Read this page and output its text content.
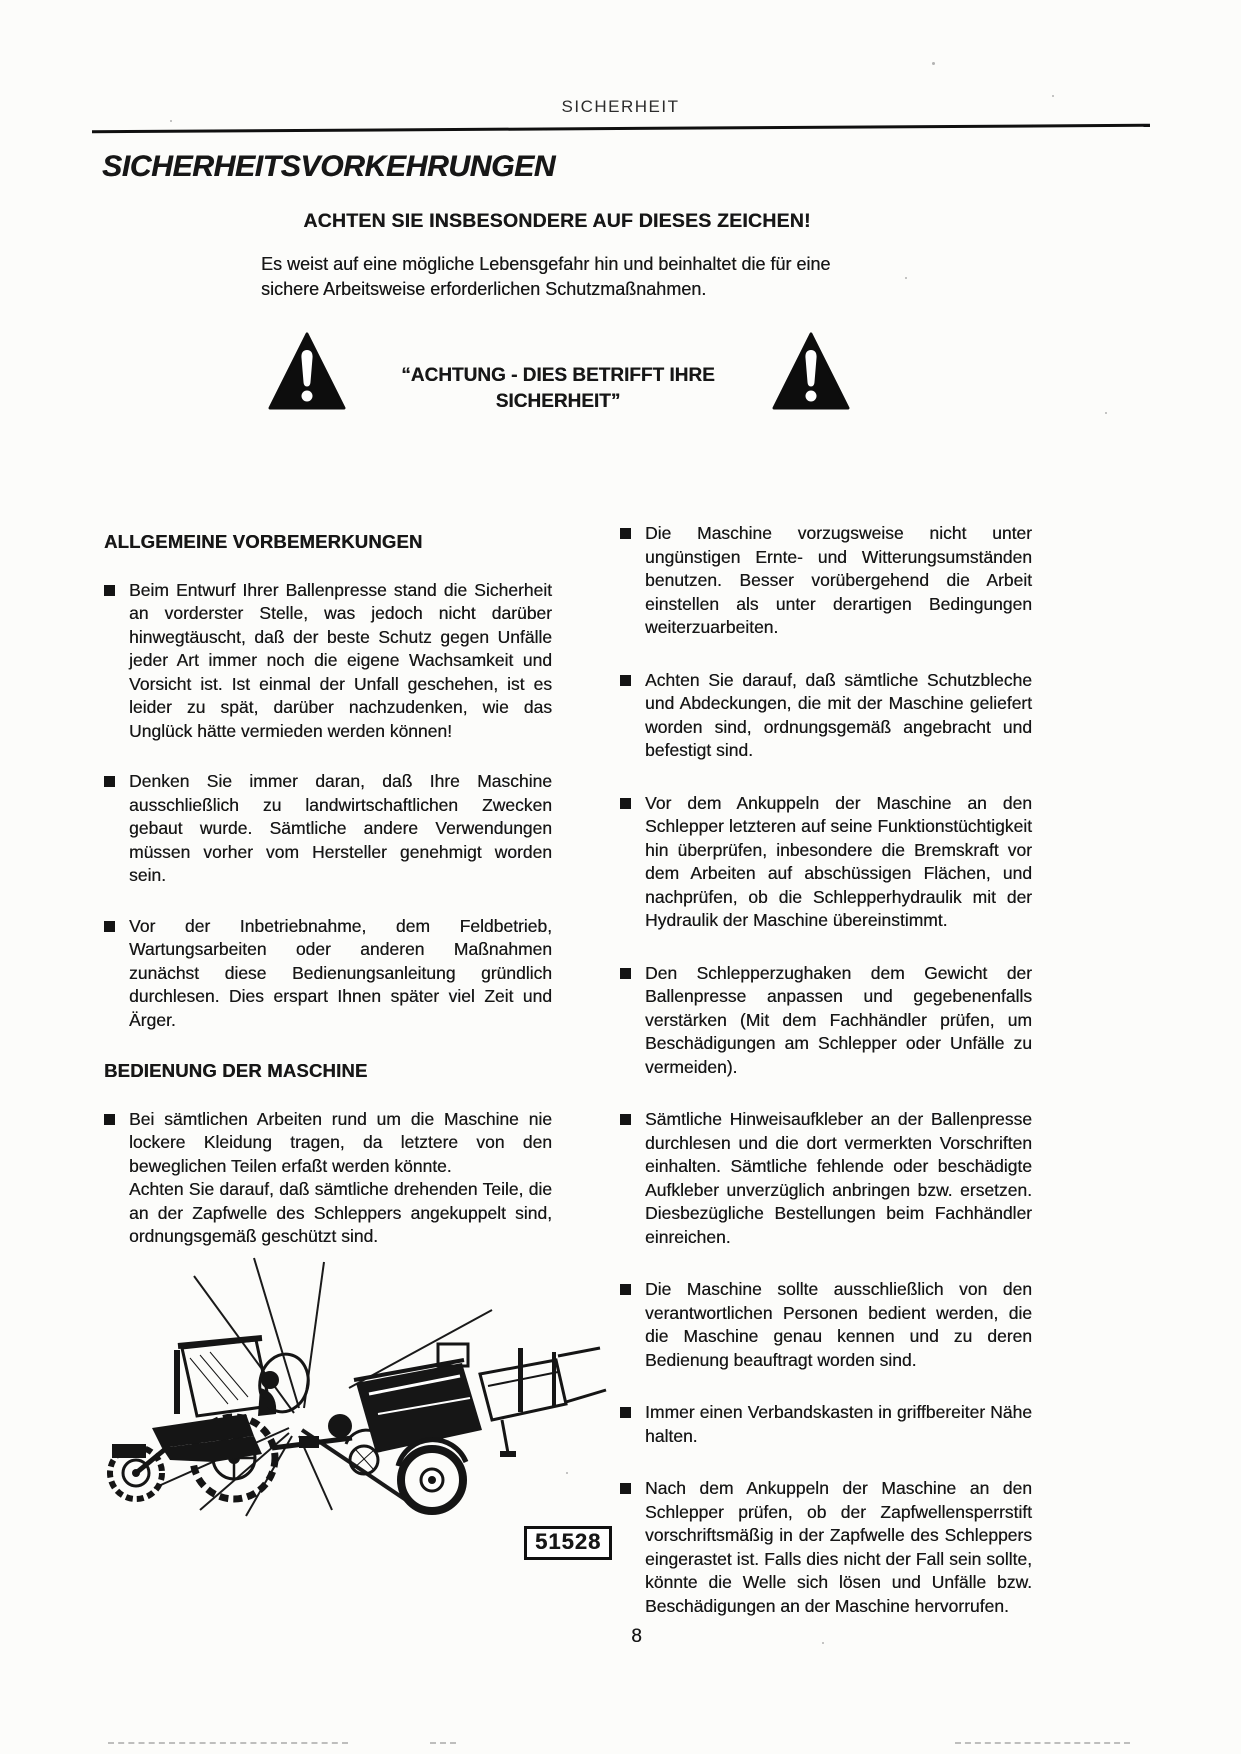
SICHERHEIT
SICHERHEITSVORKEHRUNGEN
ACHTEN SIE INSBESONDERE AUF DIESES ZEICHEN!

Es weist auf eine mögliche Lebensgefahr hin und beinhaltet die für eine sichere Arbeitsweise erforderlichen Schutzmaßnahmen.

“ACHTUNG - DIES BETRIFFT IHRE SICHERHEIT”
ALLGEMEINE VORBEMERKUNGEN
Beim Entwurf Ihrer Ballenpresse stand die Sicherheit an vorderster Stelle, was jedoch nicht darüber hinwegtäuscht, daß der beste Schutz gegen Unfälle jeder Art immer noch die eigene Wachsamkeit und Vorsicht ist. Ist einmal der Unfall geschehen, ist es leider zu spät, darüber nachzudenken, wie das Unglück hätte vermieden werden können!
Denken Sie immer daran, daß Ihre Maschine ausschließlich zu landwirtschaftlichen Zwecken gebaut wurde. Sämtliche andere Verwendungen müssen vorher vom Hersteller genehmigt worden sein.
Vor der Inbetriebnahme, dem Feldbetrieb, Wartungsarbeiten oder anderen Maßnahmen zunächst diese Bedienungsanleitung gründlich durchlesen. Dies erspart Ihnen später viel Zeit und Ärger.
BEDIENUNG DER MASCHINE

Bei sämtlichen Arbeiten rund um die Maschine nie lockere Kleidung tragen, da letztere von den beweglichen Teilen erfaßt werden könnte.

Achten Sie darauf, daß sämtliche drehenden Teile, die an der Zapfwelle des Schleppers angekuppelt sind, ordnungsgemäß geschützt sind.

Die Maschine vorzugsweise nicht unter ungünstigen Ernte- und Witterungsumständen benutzen. Besser vorübergehend die Arbeit einstellen als unter derartigen Bedingungen weiterzuarbeiten.
Achten Sie darauf, daß sämtliche Schutzbleche und Abdeckungen, die mit der Maschine geliefert worden sind, ordnungsgemäß angebracht und befestigt sind.
Vor dem Ankuppeln der Maschine an den Schlepper letzteren auf seine Funktionstüchtigkeit hin überprüfen, inbesondere die Bremskraft vor dem Arbeiten auf abschüssigen Flächen, und nachprüfen, ob die Schlepperhydraulik mit der Hydraulik der Maschine übereinstimmt.
Den Schlepperzughaken dem Gewicht der Ballenpresse anpassen und gegebenenfalls verstärken (Mit dem Fachhändler prüfen, um Beschädigungen am Schlepper oder Unfälle zu vermeiden).
Sämtliche Hinweisaufkleber an der Ballenpresse durchlesen und die dort vermerkten Vorschriften einhalten. Sämtliche fehlende oder beschädigte Aufkleber unverzüglich anbringen bzw. ersetzen. Diesbezügliche Bestellungen beim Fachhändler einreichen.
Die Maschine sollte ausschließlich von den verantwortlichen Personen bedient werden, die die Maschine genau kennen und zu deren Bedienung beauftragt worden sind.
Immer einen Verbandskasten in griffbereiter Nähe halten.
Nach dem Ankuppeln der Maschine an den Schlepper prüfen, ob der Zapfwellensperrstift vorschriftsmäßig in der Zapfwelle des Schleppers eingerastet ist. Falls dies nicht der Fall sein sollte, könnte die Welle sich lösen und Unfälle bzw. Beschädigungen an der Maschine hervorrufen.
51528
8
